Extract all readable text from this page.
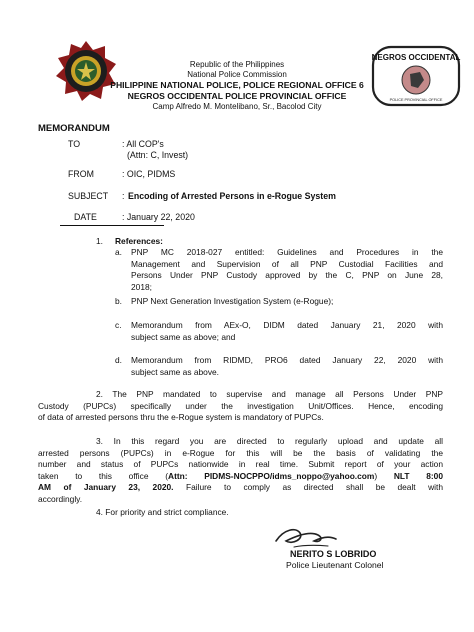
NEGROS OCCIDENTAL
POLICE PROVINCIAL OFFICE
Republic of the Philippines
National Police Commission
PHILIPPINE NATIONAL POLICE, POLICE REGIONAL OFFICE 6
NEGROS OCCIDENTAL POLICE PROVINCIAL OFFICE
Camp Alfredo M. Montelibano, Sr., Bacolod City
MEMORANDUM
TO	: All COP's
(Attn: C, Invest)
FROM	: OIC, PIDMS
SUBJECT : Encoding of Arrested Persons in e-Rogue System
DATE	: January 22, 2020
1. References:
a. PNP MC 2018-027 entitled: Guidelines and Procedures in the
Management and Supervision of all PNP Custodial Facilities and
Persons Under PNP Custody approved by the C, PNP on June 28,
2018;
b. PNP Next Generation Investigation System (e-Rogue);
c. Memorandum from AEx-O, DIDM dated January 21, 2020 with
subject same as above; and
d. Memorandum from RIDMD, PRO6 dated January 22, 2020 with
subject same as above.
2. The PNP mandated to supervise and manage all Persons Under PNP
Custody (PUPCs) specifically under the investigation Unit/Offices. Hence, encoding
of data of arrested persons thru the e-Rogue system is mandatory of PUPCs.
3. In this regard you are directed to regularly upload and update all
arrested persons (PUPCs) in e-Rogue for this will be the basis of validating the
number and status of PUPCs nationwide in real time. Submit report of your action
taken to this office (Attn: PIDMS-NOCPPO/idms_noppo@yahoo.com) NLT 8:00
AM of January 23, 2020. Failure to comply as directed shall be dealt with
accordingly.
4. For priority and strict compliance.
NERITO S LOBRIDO
Police Lieutenant Colonel
